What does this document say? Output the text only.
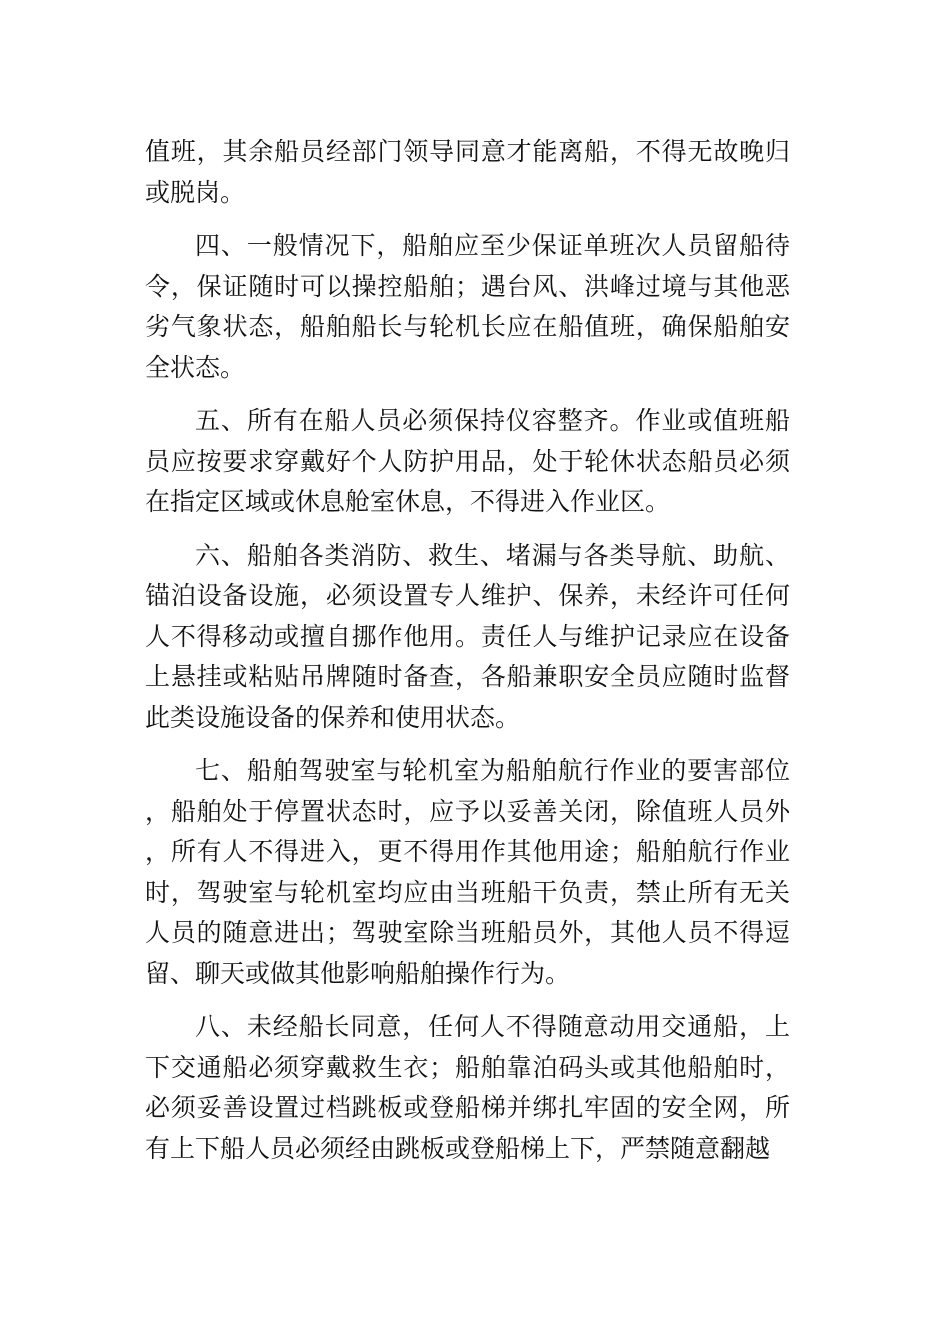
值班，其余船员经部门领导同意才能离船，不得无故晚归或脱岗。

四、一般情况下，船舶应至少保证单班次人员留船待令，保证随时可以操控船舶；遇台风、洪峰过境与其他恶劣气象状态，船舶船长与轮机长应在船值班，确保船舶安全状态。

五、所有在船人员必须保持仪容整齐。作业或值班船员应按要求穿戴好个人防护用品，处于轮休状态船员必须在指定区域或休息舱室休息，不得进入作业区。

六、船舶各类消防、救生、堵漏与各类导航、助航、锚泊设备设施，必须设置专人维护、保养，未经许可任何人不得移动或擅自挪作他用。责任人与维护记录应在设备上悬挂或粘贴吊牌随时备查，各船兼职安全员应随时监督此类设施设备的保养和使用状态。

七、船舶驾驶室与轮机室为船舶航行作业的要害部位，船舶处于停置状态时，应予以妥善关闭，除值班人员外，所有人不得进入，更不得用作其他用途；船舶航行作业时，驾驶室与轮机室均应由当班船干负责，禁止所有无关人员的随意进出；驾驶室除当班船员外，其他人员不得逗留、聊天或做其他影响船舶操作行为。

八、未经船长同意，任何人不得随意动用交通船，上下交通船必须穿戴救生衣；船舶靠泊码头或其他船舶时，必须妥善设置过档跳板或登船梯并绑扎牢固的安全网，所有上下船人员必须经由跳板或登船梯上下，严禁随意翻越
